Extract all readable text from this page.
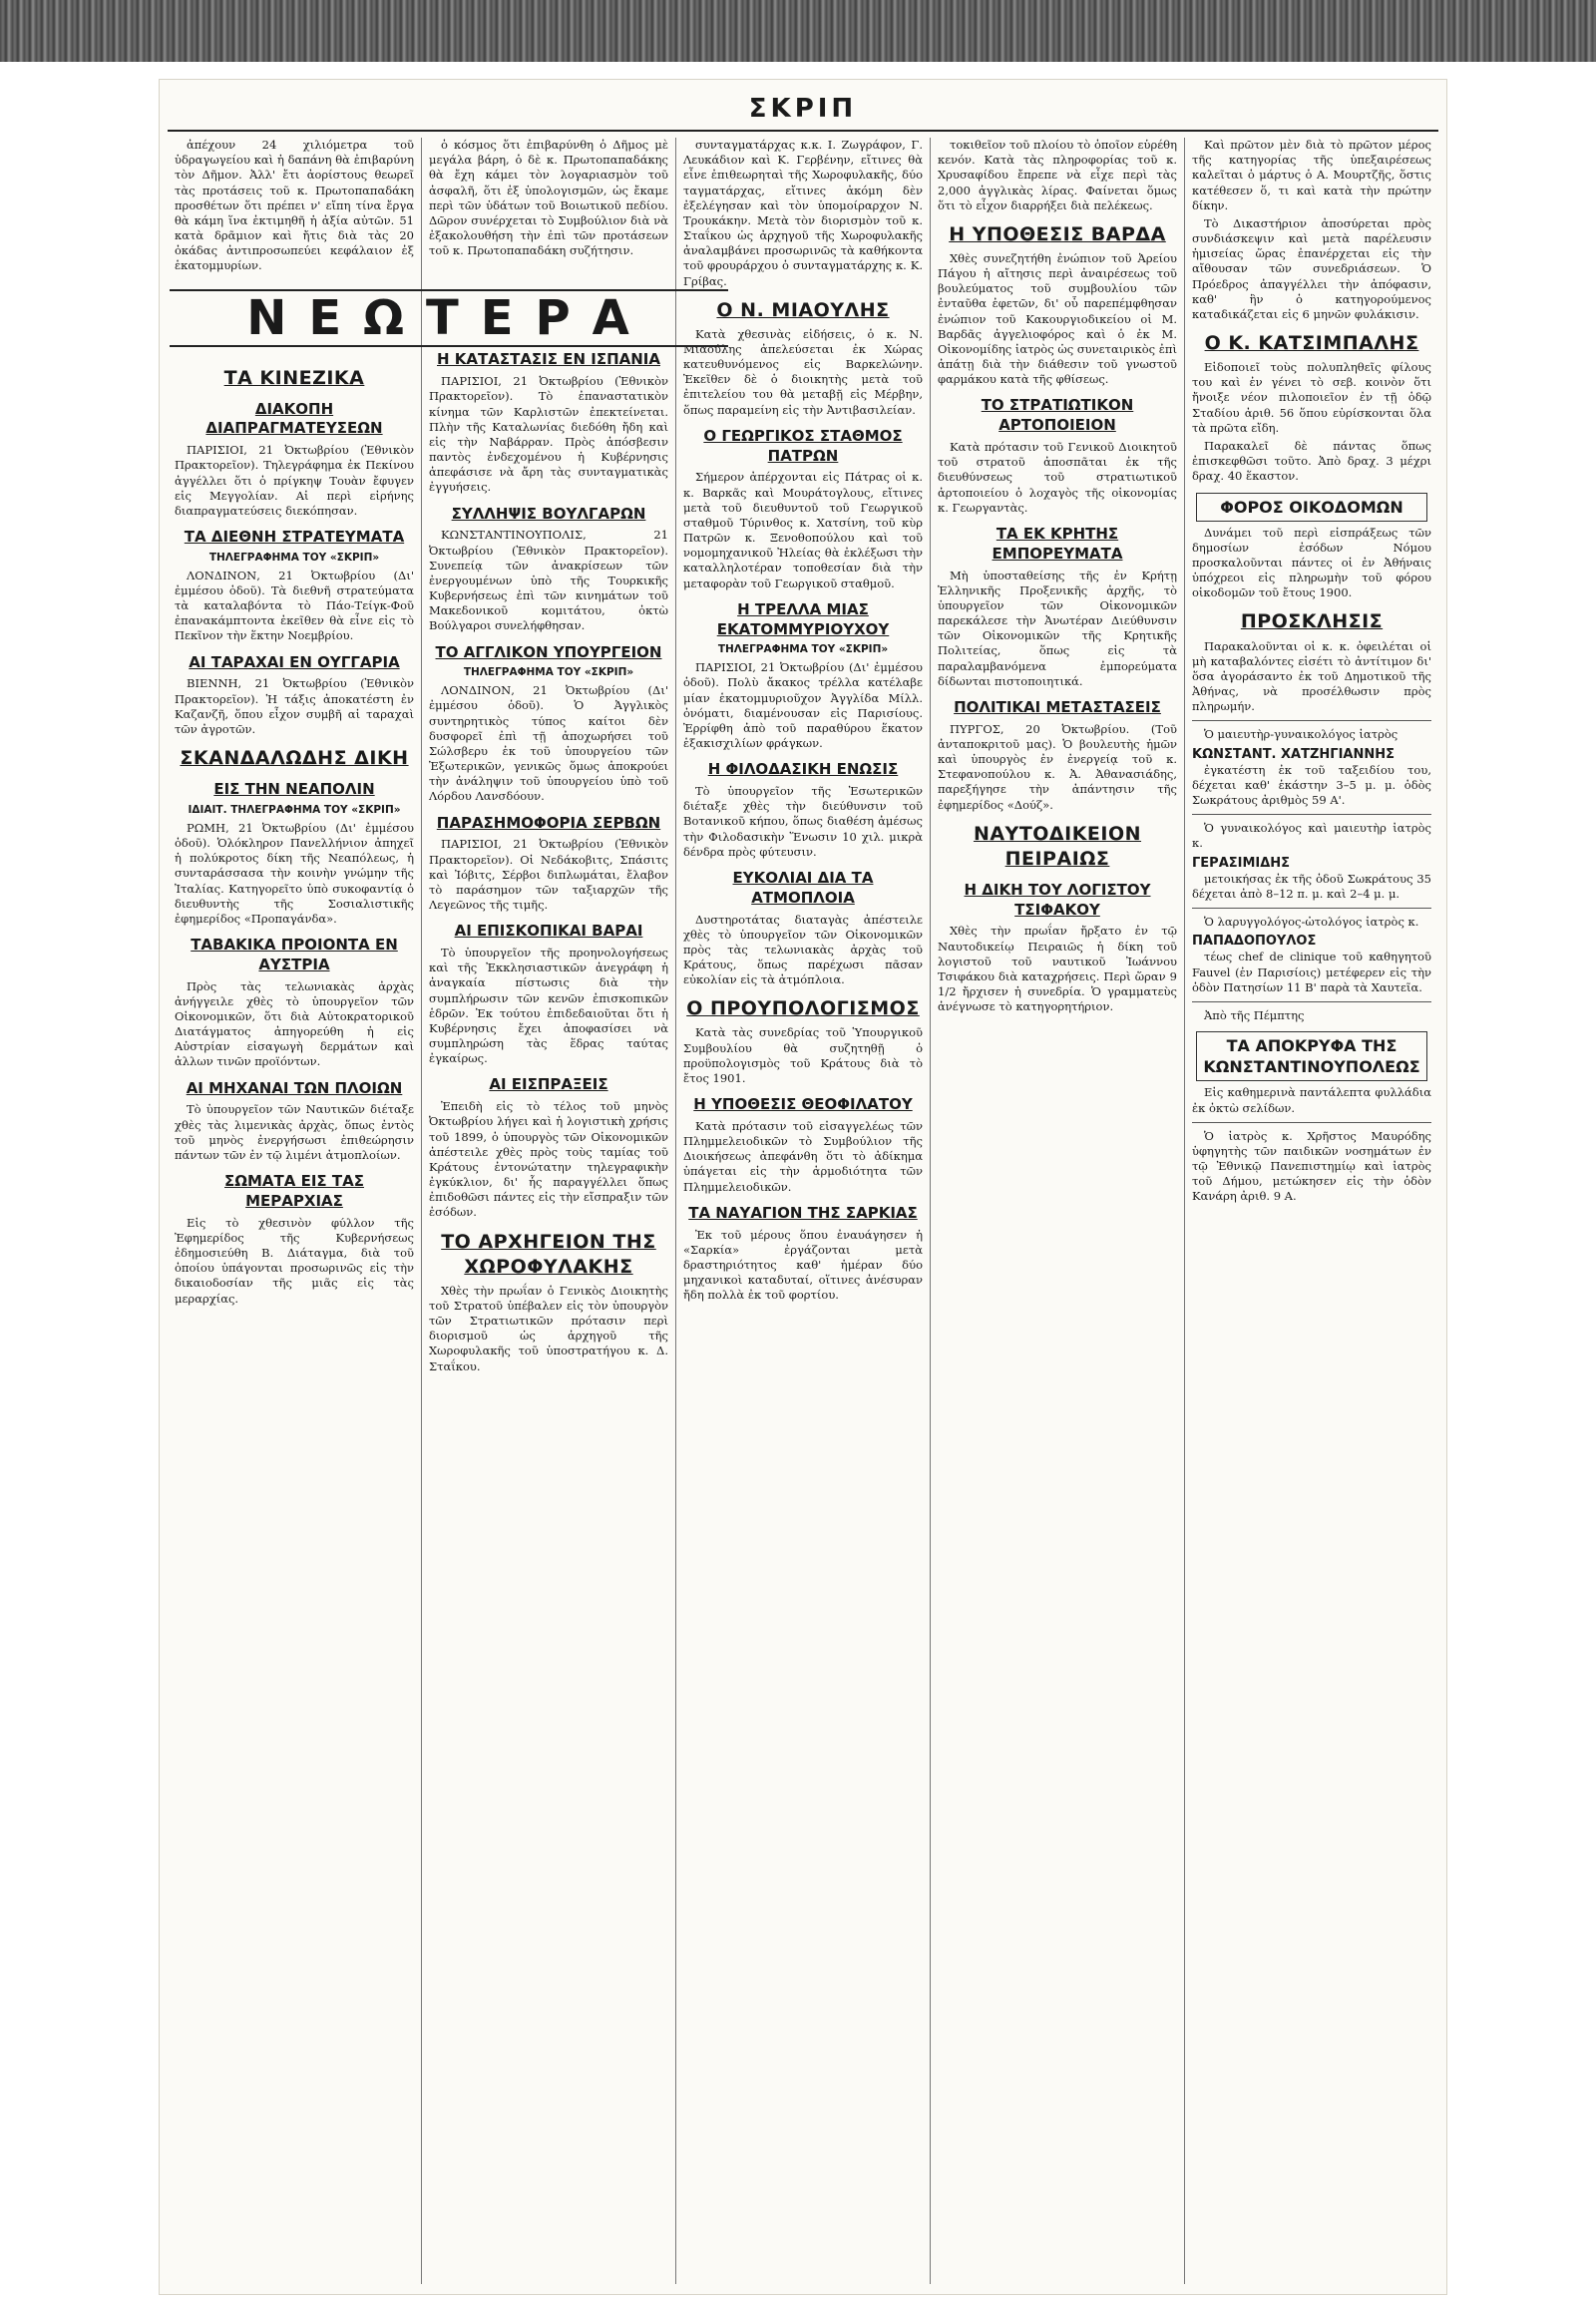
ΣΚΡΙΠ

ἀπέχουν 24 χιλιόμετρα τοῦ ὑδραγωγείου καὶ ἡ δαπάνη θὰ ἐπιβαρύνη τὸν Δῆμον. Ἀλλ' ἔτι ἀορίστους θεωρεῖ τὰς προτάσεις τοῦ κ. Πρωτοπαπαδάκη προσθέτων ὅτι πρέπει ν' εἴπη τίνα ἔργα θὰ κάμη ἵνα ἐκτιμηθῆ ἡ ἀξία αὐτῶν. 51 κατὰ δρᾶμιον καὶ ἤτις διὰ τὰς 20 ὀκάδας ἀντιπροσωπεύει κεφάλαιον ἐξ ἑκατομμυρίων.

ΤΑ ΚΙΝΕΖΙΚΑ
ΔΙΑΚΟΠΗ ΔΙΑΠΡΑΓΜΑΤΕΥΣΕΩΝ

ΠΑΡΙΣΙΟΙ, 21 Ὀκτωβρίου (Ἐθνικὸν Πρακτορεῖον). Τηλεγράφημα ἐκ Πεκίνου ἀγγέλλει ὅτι ὁ πρίγκηψ Τουὰν ἔφυγεν εἰς Μεγγολίαν. Αἱ περὶ εἰρήνης διαπραγματεύσεις διεκόπησαν.

ΤΑ ΔΙΕΘΝΗ ΣΤΡΑΤΕΥΜΑΤΑ
ΤΗΛΕΓΡΑΦΗΜΑ ΤΟΥ «ΣΚΡΙΠ»

ΛΟΝΔΙΝΟΝ, 21 Ὀκτωβρίου (Δι' ἐμμέσου ὁδοῦ). Τὰ διεθνῆ στρατεύματα τὰ καταλαβόντα τὸ Πάο-Τείγκ-Φοῦ ἐπανακάμπτοντα ἐκεῖθεν θὰ εἶνε εἰς τὸ Πεκῖνον τὴν ἕκτην Νοεμβρίου.

ΑΙ ΤΑΡΑΧΑΙ ΕΝ ΟΥΓΓΑΡΙΑ

ΒΙΕΝΝΗ, 21 Ὀκτωβρίου (Ἐθνικὸν Πρακτορεῖον). Ἡ τάξις ἀποκατέστη ἐν Καζανζῆ, ὅπου εἶχον συμβῆ αἱ ταραχαὶ τῶν ἀγροτῶν.

ΣΚΑΝΔΑΛΩΔΗΣ ΔΙΚΗ
ΕΙΣ ΤΗΝ ΝΕΑΠΟΛΙΝ
ΙΔΙΑΙΤ. ΤΗΛΕΓΡΑΦΗΜΑ ΤΟΥ «ΣΚΡΙΠ»

ΡΩΜΗ, 21 Ὀκτωβρίου (Δι' ἐμμέσου ὁδοῦ). Ὁλόκληρον Πανελλήνιον ἀπηχεῖ ἡ πολύκροτος δίκη τῆς Νεαπόλεως, ἡ συνταράσσασα τὴν κοινὴν γνώμην τῆς Ἰταλίας. Κατηγορεῖτο ὑπὸ συκοφαντίᾳ ὁ διευθυντὴς τῆς Σοσιαλιστικῆς ἐφημερίδος «Προπαγάνδα».

ΤΑΒΑΚΙΚΑ ΠΡΟΙΟΝΤΑ ΕΝ ΑΥΣΤΡΙΑ

Πρὸς τὰς τελωνιακὰς ἀρχὰς ἀνήγγειλε χθὲς τὸ ὑπουργεῖον τῶν Οἰκονομικῶν, ὅτι διὰ Αὐτοκρατορικοῦ Διατάγματος ἀπηγορεύθη ἡ εἰς Αὐστρίαν εἰσαγωγὴ δερμάτων καὶ ἀλλων τινῶν προϊόντων.

ΑΙ ΜΗΧΑΝΑΙ ΤΩΝ ΠΛΟΙΩΝ

Τὸ ὑπουργεῖον τῶν Ναυτικῶν διέταξε χθὲς τὰς λιμενικὰς ἀρχὰς, ὅπως ἐντὸς τοῦ μηνὸς ἐνεργήσωσι ἐπιθεώρησιν πάντων τῶν ἐν τῷ λιμένι ἀτμοπλοίων.

ΣΩΜΑΤΑ ΕΙΣ ΤΑΣ ΜΕΡΑΡΧΙΑΣ

Εἰς τὸ χθεσινὸν φύλλον τῆς Ἐφημερίδος τῆς Κυβερνήσεως ἐδημοσιεύθη Β. Διάταγμα, διὰ τοῦ ὁποίου ὑπάγονται προσωρινῶς εἰς τὴν δικαιοδοσίαν τῆς μιᾶς εἰς τὰς μεραρχίας.

ὁ κόσμος ὅτι ἐπιβαρύνθη ὁ Δῆμος μὲ μεγάλα βάρη, ὁ δὲ κ. Πρωτοπαπαδάκης θὰ ἔχη κάμει τὸν λογαριασμὸν τοῦ ἀσφαλῆ, ὅτι ἐξ ὑπολογισμῶν, ὡς ἔκαμε περὶ τῶν ὑδάτων τοῦ Βοιωτικοῦ πεδίου. Δῶρον συνέρχεται τὸ Συμβούλιον διὰ νὰ ἐξακολουθήση τὴν ἐπὶ τῶν προτάσεων τοῦ κ. Πρωτοπαπαδάκη συζήτησιν.

Η ΚΑΤΑΣΤΑΣΙΣ ΕΝ ΙΣΠΑΝΙΑ

ΠΑΡΙΣΙΟΙ, 21 Ὀκτωβρίου (Ἐθνικὸν Πρακτορεῖον). Τὸ ἐπαναστατικὸν κίνημα τῶν Καρλιστῶν ἐπεκτείνεται. Πλὴν τῆς Καταλωνίας διεδόθη ἤδη καὶ εἰς τὴν Ναβάρραν. Πρὸς ἀπόσβεσιν παντὸς ἐνδεχομένου ἡ Κυβέρνησις ἀπεφάσισε νὰ ἄρη τὰς συνταγματικὰς ἐγγυήσεις.

ΣΥΛΛΗΨΙΣ ΒΟΥΛΓΑΡΩΝ

ΚΩΝΣΤΑΝΤΙΝΟΥΠΟΛΙΣ, 21 Ὀκτωβρίου (Ἐθνικὸν Πρακτορεῖον). Συνεπείᾳ τῶν ἀνακρίσεων τῶν ἐνεργουμένων ὑπὸ τῆς Τουρκικῆς Κυβερνήσεως ἐπὶ τῶν κινημάτων τοῦ Μακεδονικοῦ κομιτάτου, ὀκτὼ Βούλγαροι συνελήφθησαν.

ΤΟ ΑΓΓΛΙΚΟΝ ΥΠΟΥΡΓΕΙΟΝ
ΤΗΛΕΓΡΑΦΗΜΑ ΤΟΥ «ΣΚΡΙΠ»

ΛΟΝΔΙΝΟΝ, 21 Ὀκτωβρίου (Δι' ἐμμέσου ὁδοῦ). Ὁ Ἀγγλικὸς συντηρητικὸς τύπος καίτοι δὲν δυσφορεῖ ἐπὶ τῇ ἀποχωρήσει τοῦ Σώλσβερυ ἐκ τοῦ ὑπουργείου τῶν Ἐξωτερικῶν, γενικῶς ὅμως ἀποκρούει τὴν ἀνάληψιν τοῦ ὑπουργείου ὑπὸ τοῦ Λόρδου Λανσδόουν.

ΠΑΡΑΣΗΜΟΦΟΡΙΑ ΣΕΡΒΩΝ

ΠΑΡΙΣΙΟΙ, 21 Ὀκτωβρίου (Ἐθνικὸν Πρακτορεῖον). Οἱ Νεδάκοβιτς, Σπάσιτς καὶ Ἰόβιτς, Σέρβοι διπλωμάται, ἔλαβον τὸ παράσημον τῶν ταξιαρχῶν τῆς Λεγεῶνος τῆς τιμῆς.

ΑΙ ΕΠΙΣΚΟΠΙΚΑΙ ΒΑΡΑΙ

Τὸ ὑπουργεῖον τῆς προηνολογήσεως καὶ τῆς Ἐκκλησιαστικῶν ἀνεγράφη ἡ ἀναγκαία πίστωσις διὰ τὴν συμπλήρωσιν τῶν κενῶν ἐπισκοπικῶν ἑδρῶν. Ἐκ τούτου ἐπιδεδαιοῦται ὅτι ἡ Κυβέρνησις ἔχει ἀποφασίσει νὰ συμπληρώση τὰς ἕδρας ταύτας ἐγκαίρως.

ΑΙ ΕΙΣΠΡΑΞΕΙΣ

Ἐπειδὴ εἰς τὸ τέλος τοῦ μηνὸς Ὀκτωβρίου λήγει καὶ ἡ λογιστικὴ χρήσις τοῦ 1899, ὁ ὑπουργὸς τῶν Οἰκονομικῶν ἀπέστειλε χθὲς πρὸς τοὺς ταμίας τοῦ Κράτους ἐντονώτατην τηλεγραφικὴν ἐγκύκλιον, δι' ἧς παραγγέλλει ὅπως ἐπιδοθῶσι πάντες εἰς τὴν εἴσπραξιν τῶν ἐσόδων.

ΤΟ ΑΡΧΗΓΕΙΟΝ ΤΗΣ ΧΩΡΟΦΥΛΑΚΗΣ

Χθὲς τὴν πρωΐαν ὁ Γενικὸς Διοικητὴς τοῦ Στρατοῦ ὑπέβαλεν εἰς τὸν ὑπουργὸν τῶν Στρατιωτικῶν πρότασιν περὶ διορισμοῦ ὡς ἀρχηγοῦ τῆς Χωροφυλακῆς τοῦ ὑποστρατήγου κ. Δ. Σταΐκου.

συνταγματάρχας κ.κ. Ι. Ζωγράφον, Γ. Λευκάδιον καὶ Κ. Γερβένην, εἴτινες θὰ εἶνε ἐπιθεωρηταὶ τῆς Χωροφυλακῆς, δύο ταγματάρχας, εἴτινες ἀκόμη δὲν ἐξελέγησαν καὶ τὸν ὑπομοίραρχον Ν. Τρουκάκην. Μετὰ τὸν διορισμὸν τοῦ κ. Σταΐκου ὡς ἀρχηγοῦ τῆς Χωροφυλακῆς ἀναλαμβάνει προσωρινῶς τὰ καθήκοντα τοῦ φρουράρχου ὁ συνταγματάρχης κ. Κ. Γρίβας.

Ο Ν. ΜΙΑΟΥΛΗΣ

Κατὰ χθεσινὰς εἰδήσεις, ὁ κ. Ν. Μιαούλης ἀπελεύσεται ἐκ Χώρας κατευθυνόμενος εἰς Βαρκελώνην. Ἐκεῖθεν δὲ ὁ διοικητὴς μετὰ τοῦ ἐπιτελείου του θὰ μεταβῇ εἰς Μέρβην, ὅπως παραμείνη εἰς τὴν Ἀντιβασιλείαν.

Ο ΓΕΩΡΓΙΚΟΣ ΣΤΑΘΜΟΣ ΠΑΤΡΩΝ

Σήμερον ἀπέρχονται εἰς Πάτρας οἱ κ. κ. Βαρκᾶς καὶ Μουράτογλους, εἴτινες μετὰ τοῦ διευθυντοῦ τοῦ Γεωργικοῦ σταθμοῦ Τύρινθος κ. Χατσίνη, τοῦ κὺρ Πατρῶν κ. Ξενοθοπούλου καὶ τοῦ νομομηχανικοῦ Ἠλείας θὰ ἐκλέξωσι τὴν καταλληλοτέραν τοποθεσίαν διὰ τὴν μεταφορὰν τοῦ Γεωργικοῦ σταθμοῦ.

Η ΤΡΕΛΛΑ ΜΙΑΣ ΕΚΑΤΟΜΜΥΡΙΟΥΧΟΥ
ΤΗΛΕΓΡΑΦΗΜΑ ΤΟΥ «ΣΚΡΙΠ»

ΠΑΡΙΣΙΟΙ, 21 Ὀκτωβρίου (Δι' ἐμμέσου ὁδοῦ). Πολὺ ἄκακος τρέλλα κατέλαβε μίαν ἑκατομμυριοῦχον Ἀγγλίδα Μίλλ. ὀνόματι, διαμένουσαν εἰς Παρισίους. Ἐρρίφθη ἀπὸ τοῦ παραθύρου ἕκατον ἑξακισχιλίων φράγκων.

Η ΦΙΛΟΔΑΣΙΚΗ ΕΝΩΣΙΣ

Τὸ ὑπουργεῖον τῆς Ἐσωτερικῶν διέταξε χθὲς τὴν διεύθυνσιν τοῦ Βοτανικοῦ κήπου, ὅπως διαθέση ἀμέσως τὴν Φιλοδασικὴν Ἕνωσιν 10 χιλ. μικρὰ δένδρα πρὸς φύτευσιν.

ΕΥΚΟΛΙΑΙ ΔΙΑ ΤΑ ΑΤΜΟΠΛΟΙΑ

Δυστηροτάτας διαταγὰς ἀπέστειλε χθὲς τὸ ὑπουργεῖον τῶν Οἰκονομικῶν πρὸς τὰς τελωνιακὰς ἀρχὰς τοῦ Κράτους, ὅπως παρέχωσι πᾶσαν εὐκολίαν εἰς τὰ ἀτμόπλοια.

Ο ΠΡΟΥΠΟΛΟΓΙΣΜΟΣ

Κατὰ τὰς συνεδρίας τοῦ Ὑπουργικοῦ Συμβουλίου θὰ συζητηθῇ ὁ προϋπολογισμὸς τοῦ Κράτους διὰ τὸ ἔτος 1901.

Η ΥΠΟΘΕΣΙΣ ΘΕΟΦΙΛΑΤΟΥ

Κατὰ πρότασιν τοῦ εἰσαγγελέως τῶν Πλημμελειοδικῶν τὸ Συμβούλιον τῆς Διοικήσεως ἀπεφάνθη ὅτι τὸ ἀδίκημα ὑπάγεται εἰς τὴν ἁρμοδιότητα τῶν Πλημμελειοδικῶν.

ΤΑ ΝΑΥΑΓΙΟΝ ΤΗΣ ΣΑΡΚΙΑΣ

Ἐκ τοῦ μέρους ὅπου ἐναυάγησεν ἡ «Σαρκία» ἐργάζονται μετὰ δραστηριότητος καθ' ἡμέραν δύο μηχανικοὶ καταδυταί, οἵτινες ἀνέσυραν ἤδη πολλὰ ἐκ τοῦ φορτίου.

τοκιθεῖον τοῦ πλοίου τὸ ὁποῖον εὑρέθη κενόν. Κατὰ τὰς πληροφορίας τοῦ κ. Χρυσαφίδου ἔπρεπε νὰ εἶχε περὶ τὰς 2,000 ἀγγλικὰς λίρας. Φαίνεται ὅμως ὅτι τὸ εἶχον διαρρήξει διὰ πελέκεως.

Η ΥΠΟΘΕΣΙΣ ΒΑΡΔΑ

Χθὲς συνεζητήθη ἐνώπιον τοῦ Ἀρείου Πάγου ἡ αἴτησις περὶ ἀναιρέσεως τοῦ βουλεύματος τοῦ συμβουλίου τῶν ἐνταῦθα ἐφετῶν, δι' οὗ παρεπέμφθησαν ἐνώπιον τοῦ Κακουργιοδικείου οἱ Μ. Βαρδᾶς ἀγγελιοφόρος καὶ ὁ ἐκ Μ. Οἰκονομίδης ἰατρὸς ὡς συνεταιρικὸς ἐπὶ ἀπάτῃ διὰ τὴν διάθεσιν τοῦ γνωστοῦ φαρμάκου κατὰ τῆς φθίσεως.

ΤΟ ΣΤΡΑΤΙΩΤΙΚΟΝ ΑΡΤΟΠΟΙΕΙΟΝ

Κατὰ πρότασιν τοῦ Γενικοῦ Διοικητοῦ τοῦ στρατοῦ ἀποσπᾶται ἐκ τῆς διευθύνσεως τοῦ στρατιωτικοῦ ἀρτοποιείου ὁ λοχαγὸς τῆς οἰκονομίας κ. Γεωργαντὰς.

ΤΑ ΕΚ ΚΡΗΤΗΣ ΕΜΠΟΡΕΥΜΑΤΑ

Μὴ ὑποσταθείσης τῆς ἐν Κρήτῃ Ἑλληνικῆς Προξενικῆς ἀρχῆς, τὸ ὑπουργεῖον τῶν Οἰκονομικῶν παρεκάλεσε τὴν Ἀνωτέραν Διεύθυνσιν τῶν Οἰκονομικῶν τῆς Κρητικῆς Πολιτείας, ὅπως εἰς τὰ παραλαμβανόμενα ἐμπορεύματα δίδωνται πιστοποιητικά.

ΠΟΛΙΤΙΚΑΙ ΜΕΤΑΣΤΑΣΕΙΣ

ΠΥΡΓΟΣ, 20 Ὀκτωβρίου. (Τοῦ ἀνταποκριτοῦ μας). Ὁ βουλευτὴς ἡμῶν καὶ ὑπουργὸς ἐν ἐνεργείᾳ τοῦ κ. Στεφανοπούλου κ. Ἀ. Ἀθανασιάδης, παρεξήγησε τὴν ἀπάντησιν τῆς ἐφημερίδος «Δούζ».

ΝΑΥΤΟΔΙΚΕΙΟΝ ΠΕΙΡΑΙΩΣ
Η ΔΙΚΗ ΤΟΥ ΛΟΓΙΣΤΟΥ ΤΣΙΦΑΚΟΥ

Χθὲς τὴν πρωΐαν ἤρξατο ἐν τῷ Ναυτοδικείῳ Πειραιῶς ἡ δίκη τοῦ λογιστοῦ τοῦ ναυτικοῦ Ἰωάννου Τσιφάκου διὰ καταχρήσεις. Περὶ ὥραν 9 1/2 ἤρχισεν ἡ συνεδρία. Ὁ γραμματεὺς ἀνέγνωσε τὸ κατηγορητήριον.

Καὶ πρῶτον μὲν διὰ τὸ πρῶτον μέρος τῆς κατηγορίας τῆς ὑπεξαιρέσεως καλεῖται ὁ μάρτυς ὁ Α. Μουρτζῆς, ὅστις κατέθεσεν ὅ, τι καὶ κατὰ τὴν πρώτην δίκην.

Τὸ Δικαστήριον ἀποσύρεται πρὸς συνδιάσκεψιν καὶ μετὰ παρέλευσιν ἡμισείας ὥρας ἐπανέρχεται εἰς τὴν αἴθουσαν τῶν συνεδριάσεων. Ὁ Πρόεδρος ἀπαγγέλλει τὴν ἀπόφασιν, καθ' ἣν ὁ κατηγορούμενος καταδικάζεται εἰς 6 μηνῶν φυλάκισιν.

Ο Κ. ΚΑΤΣΙΜΠΑΛΗΣ

Εἰδοποιεῖ τοὺς πολυπληθεῖς φίλους του καὶ ἐν γένει τὸ σεβ. κοινὸν ὅτι ἤνοιξε νέον πιλοποιεῖον ἐν τῇ ὁδῷ Σταδίου ἀριθ. 56 ὅπου εὑρίσκονται ὅλα τὰ πρῶτα εἴδη.

Παρακαλεῖ δὲ πάντας ὅπως ἐπισκεφθῶσι τοῦτο. Ἀπὸ δραχ. 3 μέχρι δραχ. 40 ἕκαστον.

ΦΟΡΟΣ ΟΙΚΟΔΟΜΩΝ

Δυνάμει τοῦ περὶ εἰσπράξεως τῶν δημοσίων ἐσόδων Νόμου προσκαλοῦνται πάντες οἱ ἐν Ἀθήναις ὑπόχρεοι εἰς πληρωμὴν τοῦ φόρου οἰκοδομῶν τοῦ ἔτους 1900.

ΠΡΟΣΚΛΗΣΙΣ

Παρακαλοῦνται οἱ κ. κ. ὀφειλέται οἱ μὴ καταβαλόντες εἰσέτι τὸ ἀντίτιμον δι' ὅσα ἀγοράσαντο ἐκ τοῦ Δημοτικοῦ τῆς Ἀθήνας, νὰ προσέλθωσιν πρὸς πληρωμήν.

Ὁ μαιευτὴρ-γυναικολόγος ἰατρὸς

ΚΩΝΣΤΑΝΤ. ΧΑΤΖΗΓΙΑΝΝΗΣ

ἐγκατέστη ἐκ τοῦ ταξειδίου του, δέχεται καθ' ἑκάστην 3–5 μ. μ. ὁδὸς Σωκράτους ἀριθμὸς 59 Α'.

Ὁ γυναικολόγος καὶ μαιευτὴρ ἰατρὸς κ.

ΓΕΡΑΣΙΜΙΔΗΣ

μετοικήσας ἐκ τῆς ὁδοῦ Σωκράτους 35 δέχεται ἀπὸ 8–12 π. μ. καὶ 2–4 μ. μ.

Ὁ λαρυγγολόγος-ὠτολόγος ἰατρὸς κ.

ΠΑΠΑΔΟΠΟΥΛΟΣ

τέως chef de clinique τοῦ καθηγητοῦ Fauvel (ἐν Παρισίοις) μετέφερεν εἰς τὴν ὁδὸν Πατησίων 11 Β' παρὰ τὰ Χαυτεῖα.

Ἀπὸ τῆς Πέμπτης

ΤΑ ΑΠΟΚΡΥΦΑ ΤΗΣ ΚΩΝΣΤΑΝΤΙΝΟΥΠΟΛΕΩΣ

Εἰς καθημερινὰ παντάλεπτα φυλλάδια ἐκ ὀκτὼ σελίδων.

Ὁ ἰατρὸς κ. Χρῆστος Μαυρόδης ὑφηγητὴς τῶν παιδικῶν νοσημάτων ἐν τῷ Ἐθνικῷ Πανεπιστημίῳ καὶ ἰατρὸς τοῦ Δήμου, μετώκησεν εἰς τὴν ὁδὸν Κανάρη ἀριθ. 9 Α.

ΝΕΩΤΕΡΑ
